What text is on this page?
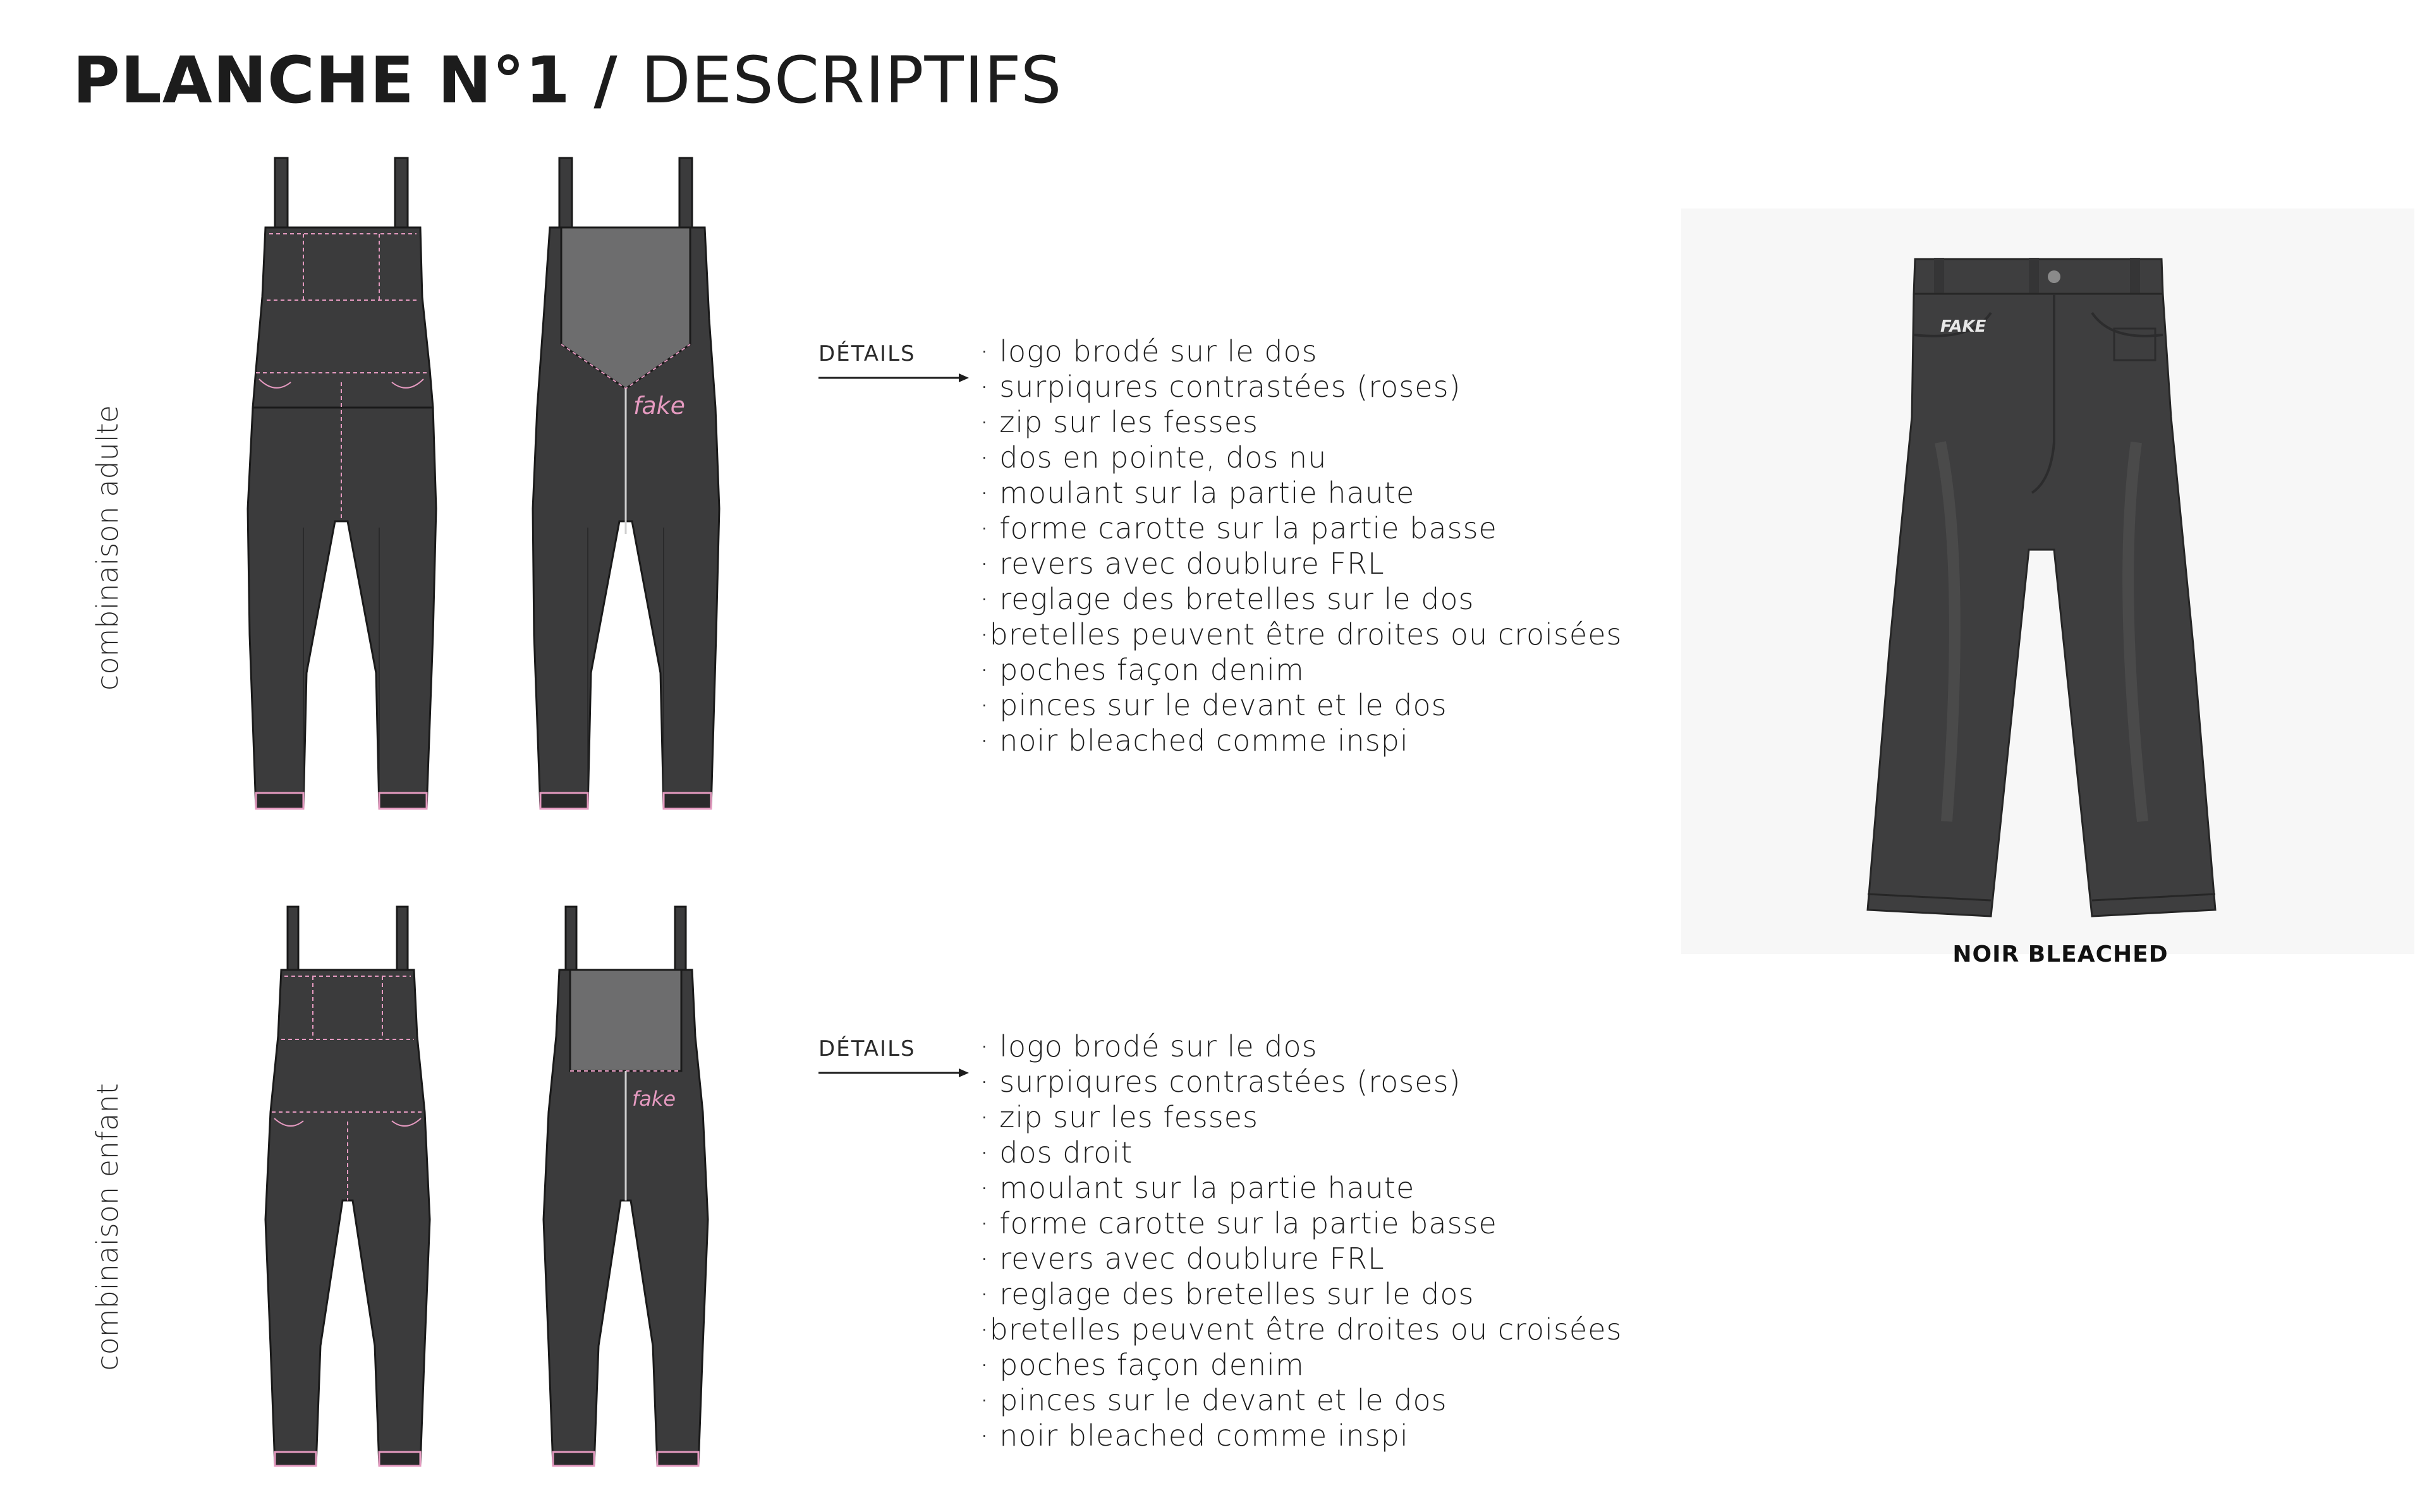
PLANCHE N°1 / DESCRIPTIFS
combinaison adulte	fake
DÉTAILS · logo brodé sur le dos
· surpiqures contrastées (roses)
· zip sur les fesses
· dos en pointe, dos nu
· moulant sur la partie haute
· forme carotte sur la partie basse
· revers avec doublure FRL
· reglage des bretelles sur le dos
·bretelles peuvent être droites ou croisées
· poches façon denim
· pinces sur le devant et le dos
· noir bleached comme inspi
combinaison enfant	fake
DÉTAILS · logo brodé sur le dos
· surpiqures contrastées (roses)
· zip sur les fesses
· dos droit
· moulant sur la partie haute
· forme carotte sur la partie basse
· revers avec doublure FRL
· reglage des bretelles sur le dos
·bretelles peuvent être droites ou croisées
· poches façon denim
· pinces sur le devant et le dos
· noir bleached comme inspi
FAKE
NOIR BLEACHED
